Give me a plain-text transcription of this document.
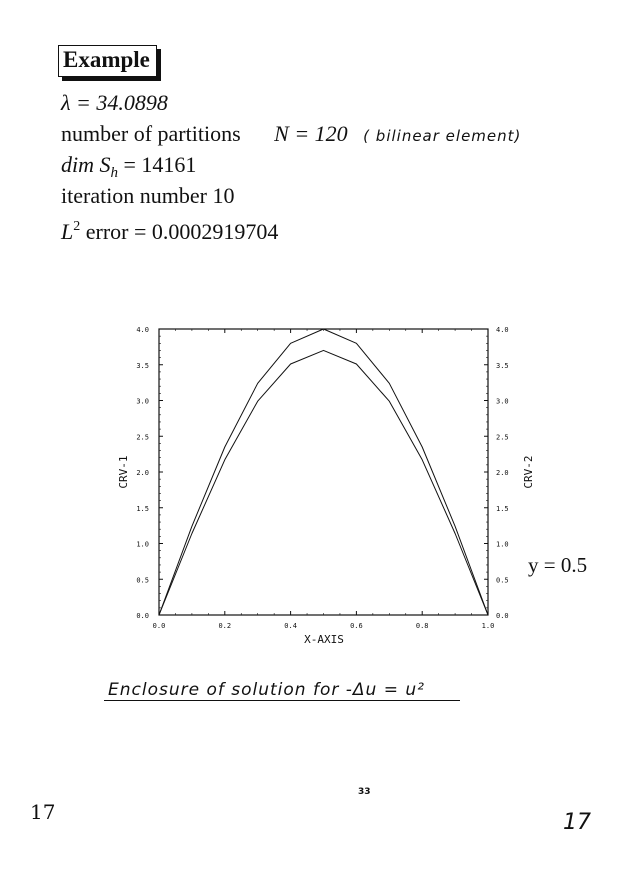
Example
λ = 34.0898
number of partitions N = 120 ( bilinear element)
dim $S_h = 14161$
iteration number 10
$L^2$ error = 0.0002919704
0.0	0.0
0.5	0.5
1.0	1.0
1.5	1.5
2.0	2.0
2.5	2.5
3.0	3.0
3.5	3.5
4.0	4.0
0.0	0.2	0.4	0.6	0.8	1.0
X-AXIS
CRV-1	CRV-2
y = 0.5
Enclosure of solution for -Δu = u²
33
17	17
